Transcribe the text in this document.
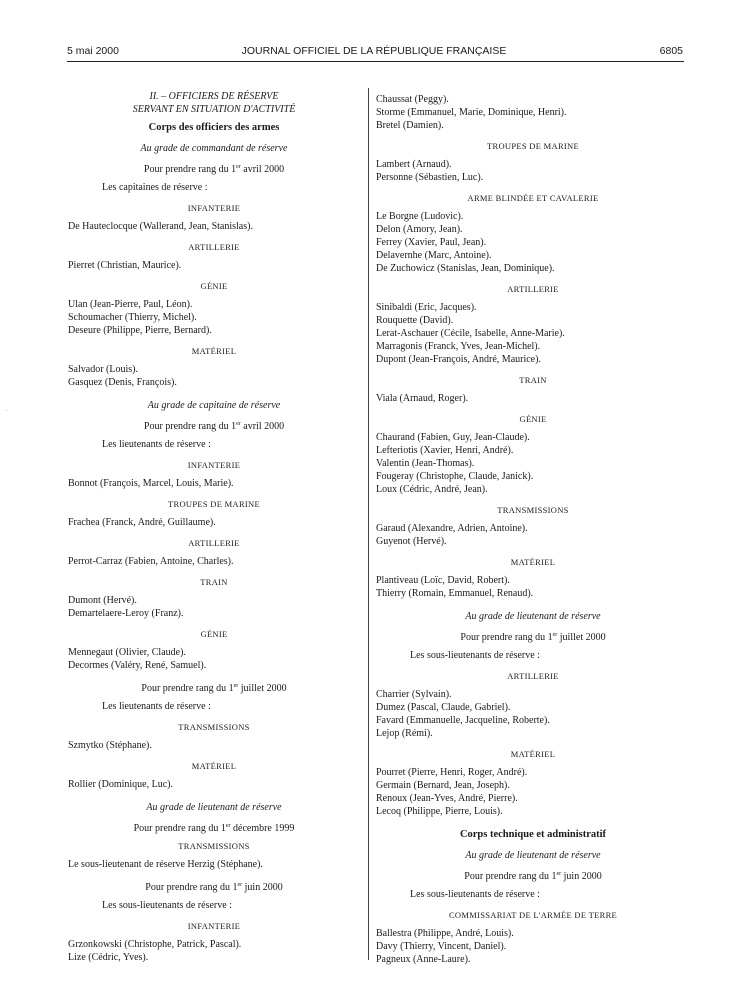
5 mai 2000	JOURNAL OFFICIEL DE LA RÉPUBLIQUE FRANÇAISE	6805
·

II. – OFFICIERS DE RÉSERVE

SERVANT EN SITUATION D'ACTIVITÉ

Corps des officiers des armes

Au grade de commandant de réserve

Pour prendre rang du 1er avril 2000

Les capitaines de réserve :

INFANTERIE

De Hauteclocque (Wallerand, Jean, Stanislas).

ARTILLERIE

Pierret (Christian, Maurice).

GÉNIE

Ulan (Jean-Pierre, Paul, Léon).

Schoumacher (Thierry, Michel).

Deseure (Philippe, Pierre, Bernard).

MATÉRIEL

Salvador (Louis).

Gasquez (Denis, François).

Au grade de capitaine de réserve

Pour prendre rang du 1er avril 2000

Les lieutenants de réserve :

INFANTERIE

Bonnot (François, Marcel, Louis, Marie).

TROUPES DE MARINE

Frachea (Franck, André, Guillaume).

ARTILLERIE

Perrot-Carraz (Fabien, Antoine, Charles).

TRAIN

Dumont (Hervé).

Demartelaere-Leroy (Franz).

GÉNIE

Mennegaut (Olivier, Claude).

Decormes (Valéry, René, Samuel).

Pour prendre rang du 1er juillet 2000

Les lieutenants de réserve :

TRANSMISSIONS

Szmytko (Stéphane).

MATÉRIEL

Rollier (Dominique, Luc).

Au grade de lieutenant de réserve

Pour prendre rang du 1er décembre 1999

TRANSMISSIONS

Le sous-lieutenant de réserve Herzig (Stéphane).

Pour prendre rang du 1er juin 2000

Les sous-lieutenants de réserve :

INFANTERIE

Grzonkowski (Christophe, Patrick, Pascal).

Lize (Cédric, Yves).

Chaussat (Peggy).

Storme (Emmanuel, Marie, Dominique, Henri).

Bretel (Damien).

TROUPES DE MARINE

Lambert (Arnaud).

Personne (Sébastien, Luc).

ARME BLINDÉE ET CAVALERIE

Le Borgne (Ludovic).

Delon (Amory, Jean).

Ferrey (Xavier, Paul, Jean).

Delavernhe (Marc, Antoine).

De Zuchowicz (Stanislas, Jean, Dominique).

ARTILLERIE

Sinibaldi (Eric, Jacques).

Rouquette (David).

Lerat-Aschauer (Cécile, Isabelle, Anne-Marie).

Marragonis (Franck, Yves, Jean-Michel).

Dupont (Jean-François, André, Maurice).

TRAIN

Viala (Arnaud, Roger).

GÉNIE

Chaurand (Fabien, Guy, Jean-Claude).

Lefteriotis (Xavier, Henri, André).

Valentin (Jean-Thomas).

Fougeray (Christophe, Claude, Janick).

Loux (Cédric, André, Jean).

TRANSMISSIONS

Garaud (Alexandre, Adrien, Antoine).

Guyenot (Hervé).

MATÉRIEL

Plantiveau (Loïc, David, Robert).

Thierry (Romain, Emmanuel, Renaud).

Au grade de lieutenant de réserve

Pour prendre rang du 1er juillet 2000

Les sous-lieutenants de réserve :

ARTILLERIE

Charrier (Sylvain).

Dumez (Pascal, Claude, Gabriel).

Favard (Emmanuelle, Jacqueline, Roberte).

Lejop (Rémi).

MATÉRIEL

Pourret (Pierre, Henri, Roger, André).

Germain (Bernard, Jean, Joseph).

Renoux (Jean-Yves, André, Pierre).

Lecoq (Philippe, Pierre, Louis).

Corps technique et administratif

Au grade de lieutenant de réserve

Pour prendre rang du 1er juin 2000

Les sous-lieutenants de réserve :

COMMISSARIAT DE L'ARMÉE DE TERRE

Ballestra (Philippe, André, Louis).

Davy (Thierry, Vincent, Daniel).

Pagneux (Anne-Laure).
